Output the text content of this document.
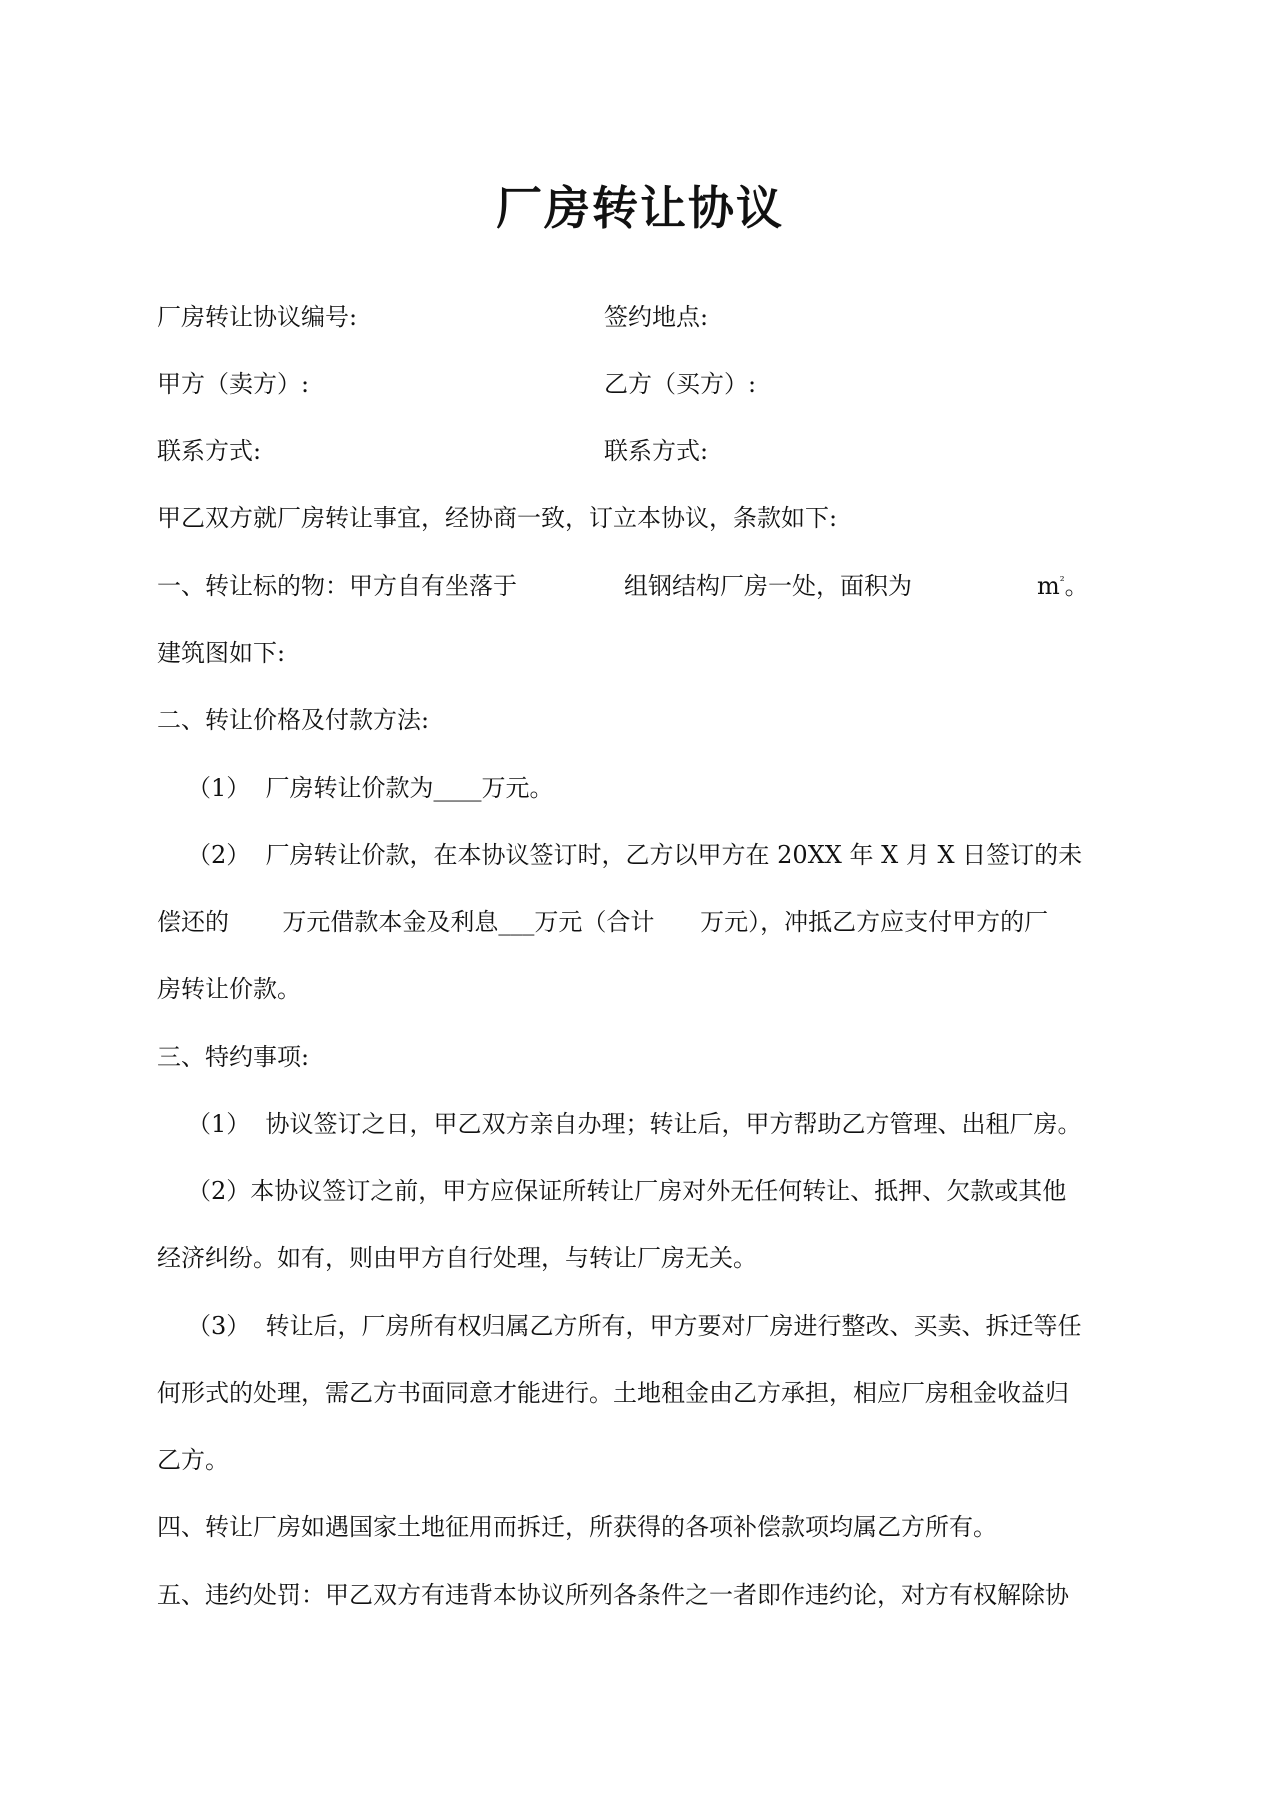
厂房转让协议
厂房转让协议编号:	签约地点:
甲方（卖方）:	乙方（买方）:
联系方式:	联系方式:
甲乙双方就厂房转让事宜，经协商一致，订立本协议，条款如下:
一、转让标的物：甲方自有坐落于	组钢结构厂房一处，面积为	$m^{^2}$。
建筑图如下:
二、转让价格及付款方法:
（1）  厂房转让价款为____万元。
（2）  厂房转让价款，在本协议签订时，乙方以甲方在 20XX 年 X 月 X 日签订的未
偿还的       万元借款本金及利息___万元（合计      万元），冲抵乙方应支付甲方的厂
房转让价款。
三、特约事项:
（1）  协议签订之日，甲乙双方亲自办理；转让后，甲方帮助乙方管理、出租厂房。
（2）本协议签订之前，甲方应保证所转让厂房对外无任何转让、抵押、欠款或其他
经济纠纷。如有，则由甲方自行处理，与转让厂房无关。
（3）  转让后，厂房所有权归属乙方所有，甲方要对厂房进行整改、买卖、拆迁等任
何形式的处理，需乙方书面同意才能进行。土地租金由乙方承担，相应厂房租金收益归
乙方。
四、转让厂房如遇国家土地征用而拆迁，所获得的各项补偿款项均属乙方所有。
五、违约处罚：甲乙双方有违背本协议所列各条件之一者即作违约论，对方有权解除协
